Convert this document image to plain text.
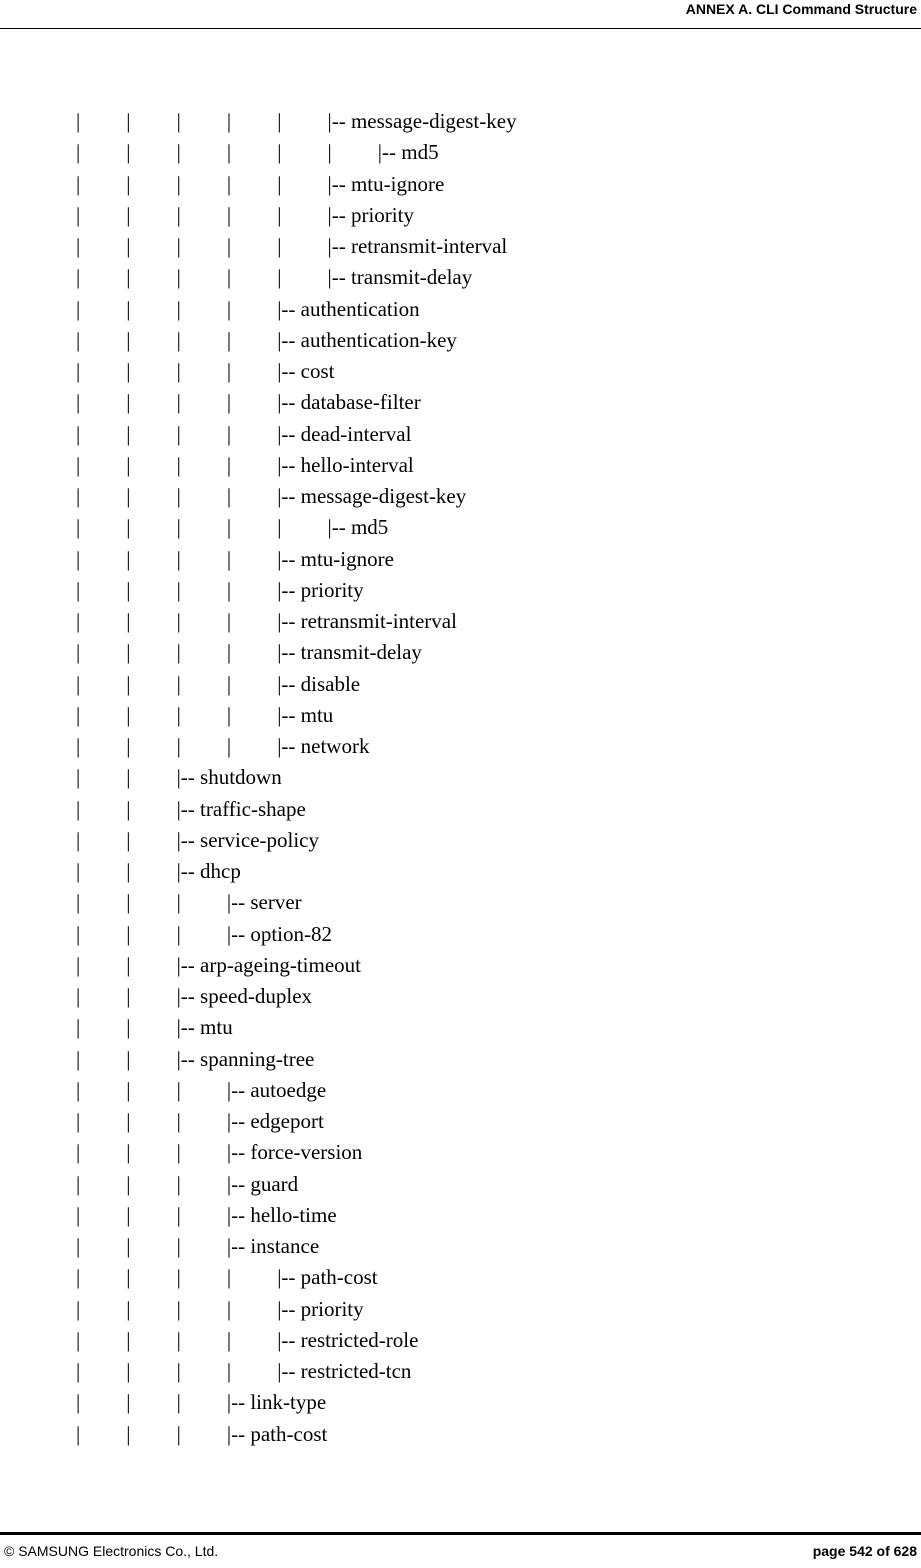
ANNEX A. CLI Command Structure
| | | | | |-- message-digest-key
| | | | | | |-- md5
| | | | | |-- mtu-ignore
| | | | | |-- priority
| | | | | |-- retransmit-interval
| | | | | |-- transmit-delay
| | | | |-- authentication
| | | | |-- authentication-key
| | | | |-- cost
| | | | |-- database-filter
| | | | |-- dead-interval
| | | | |-- hello-interval
| | | | |-- message-digest-key
| | | | | |-- md5
| | | | |-- mtu-ignore
| | | | |-- priority
| | | | |-- retransmit-interval
| | | | |-- transmit-delay
| | | | |-- disable
| | | | |-- mtu
| | | | |-- network
| | |-- shutdown
| | |-- traffic-shape
| | |-- service-policy
| | |-- dhcp
| | | |-- server
| | | |-- option-82
| | |-- arp-ageing-timeout
| | |-- speed-duplex
| | |-- mtu
| | |-- spanning-tree
| | | |-- autoedge
| | | |-- edgeport
| | | |-- force-version
| | | |-- guard
| | | |-- hello-time
| | | |-- instance
| | | | |-- path-cost
| | | | |-- priority
| | | | |-- restricted-role
| | | | |-- restricted-tcn
| | | |-- link-type
| | | |-- path-cost
© SAMSUNG Electronics Co., Ltd.	page 542 of 628
